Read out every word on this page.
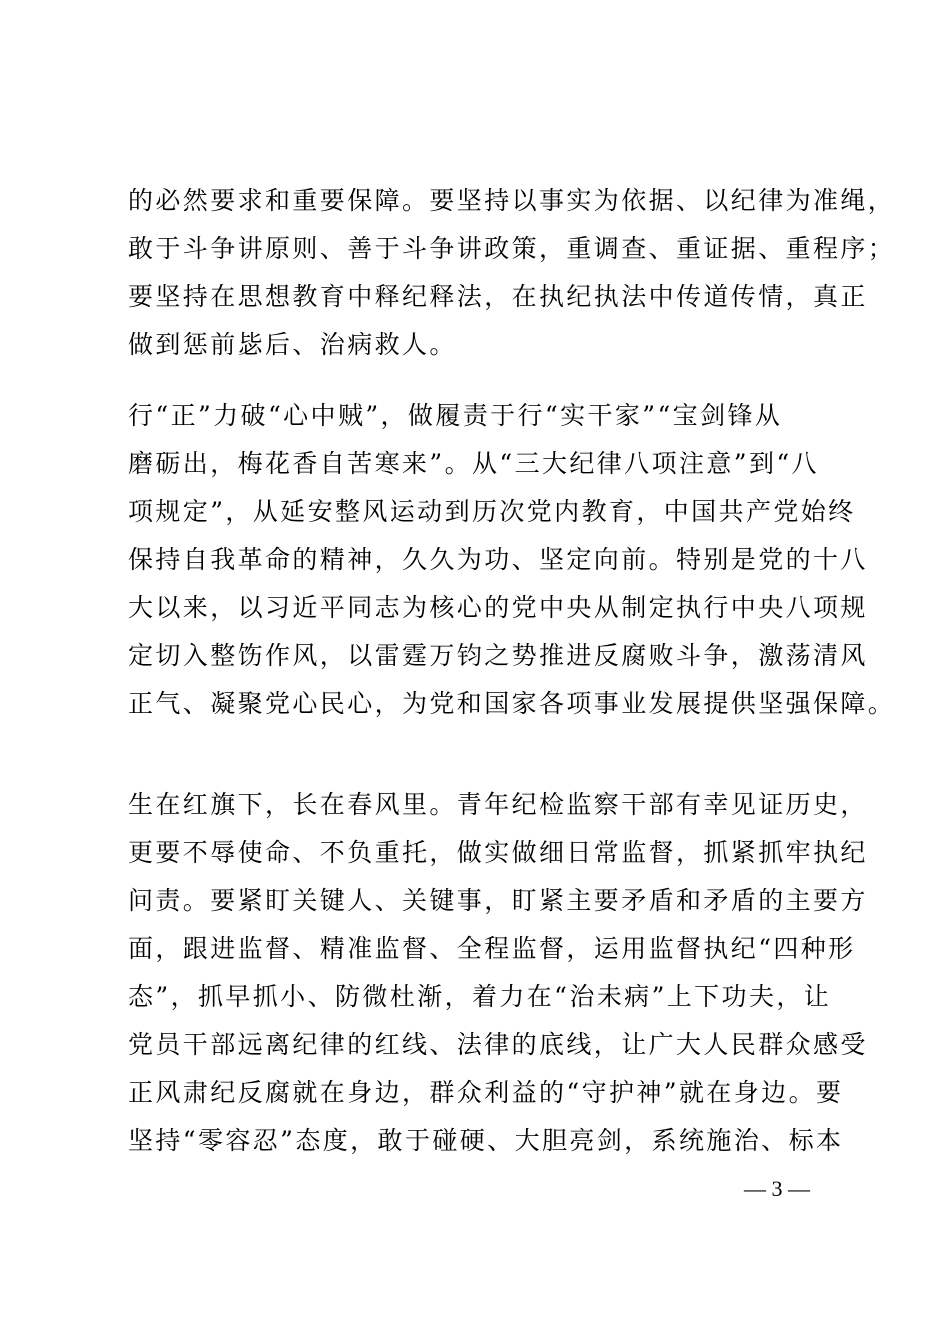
的必然要求和重要保障。要坚持以事实为依据、以纪律为准绳，
敢于斗争讲原则、善于斗争讲政策，重调查、重证据、重程序；
要坚持在思想教育中释纪释法，在执纪执法中传道传情，真正
做到惩前毖后、治病救人。
行“正”力破“心中贼”，做履责于行“实干家”“宝剑锋从
磨砺出，梅花香自苦寒来”。从“三大纪律八项注意”到“八
项规定”，从延安整风运动到历次党内教育，中国共产党始终
保持自我革命的精神，久久为功、坚定向前。特别是党的十八
大以来，以习近平同志为核心的党中央从制定执行中央八项规
定切入整饬作风，以雷霆万钧之势推进反腐败斗争，激荡清风
正气、凝聚党心民心，为党和国家各项事业发展提供坚强保障。
生在红旗下，长在春风里。青年纪检监察干部有幸见证历史，
更要不辱使命、不负重托，做实做细日常监督，抓紧抓牢执纪
问责。要紧盯关键人、关键事，盯紧主要矛盾和矛盾的主要方
面，跟进监督、精准监督、全程监督，运用监督执纪“四种形
态”，抓早抓小、防微杜渐，着力在“治未病”上下功夫，让
党员干部远离纪律的红线、法律的底线，让广大人民群众感受
正风肃纪反腐就在身边，群众利益的“守护神”就在身边。要
坚持“零容忍”态度，敢于碰硬、大胆亮剑，系统施治、标本
— 3 —
